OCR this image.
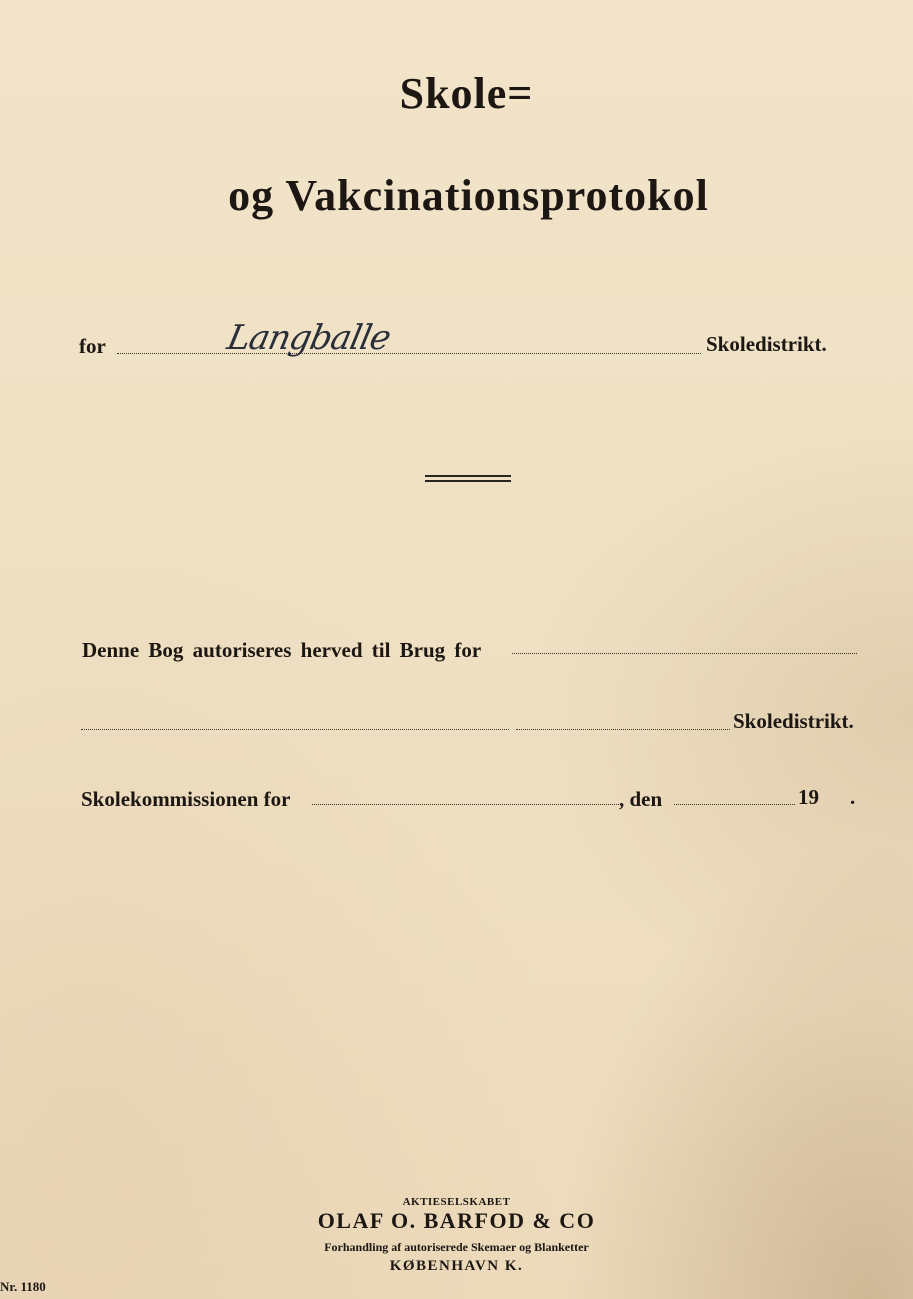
Skole=
og Vakcinationsprotokol
for	Langballe	Skoledistrikt.
Denne Bog autoriseres herved til Brug for
Skoledistrikt.
Skolekommissionen for	, den	19 .
AKTIESELSKABET
OLAF O. BARFOD & CO
Forhandling af autoriserede Skemaer og Blanketter
KØBENHAVN K.
Nr. 1180
